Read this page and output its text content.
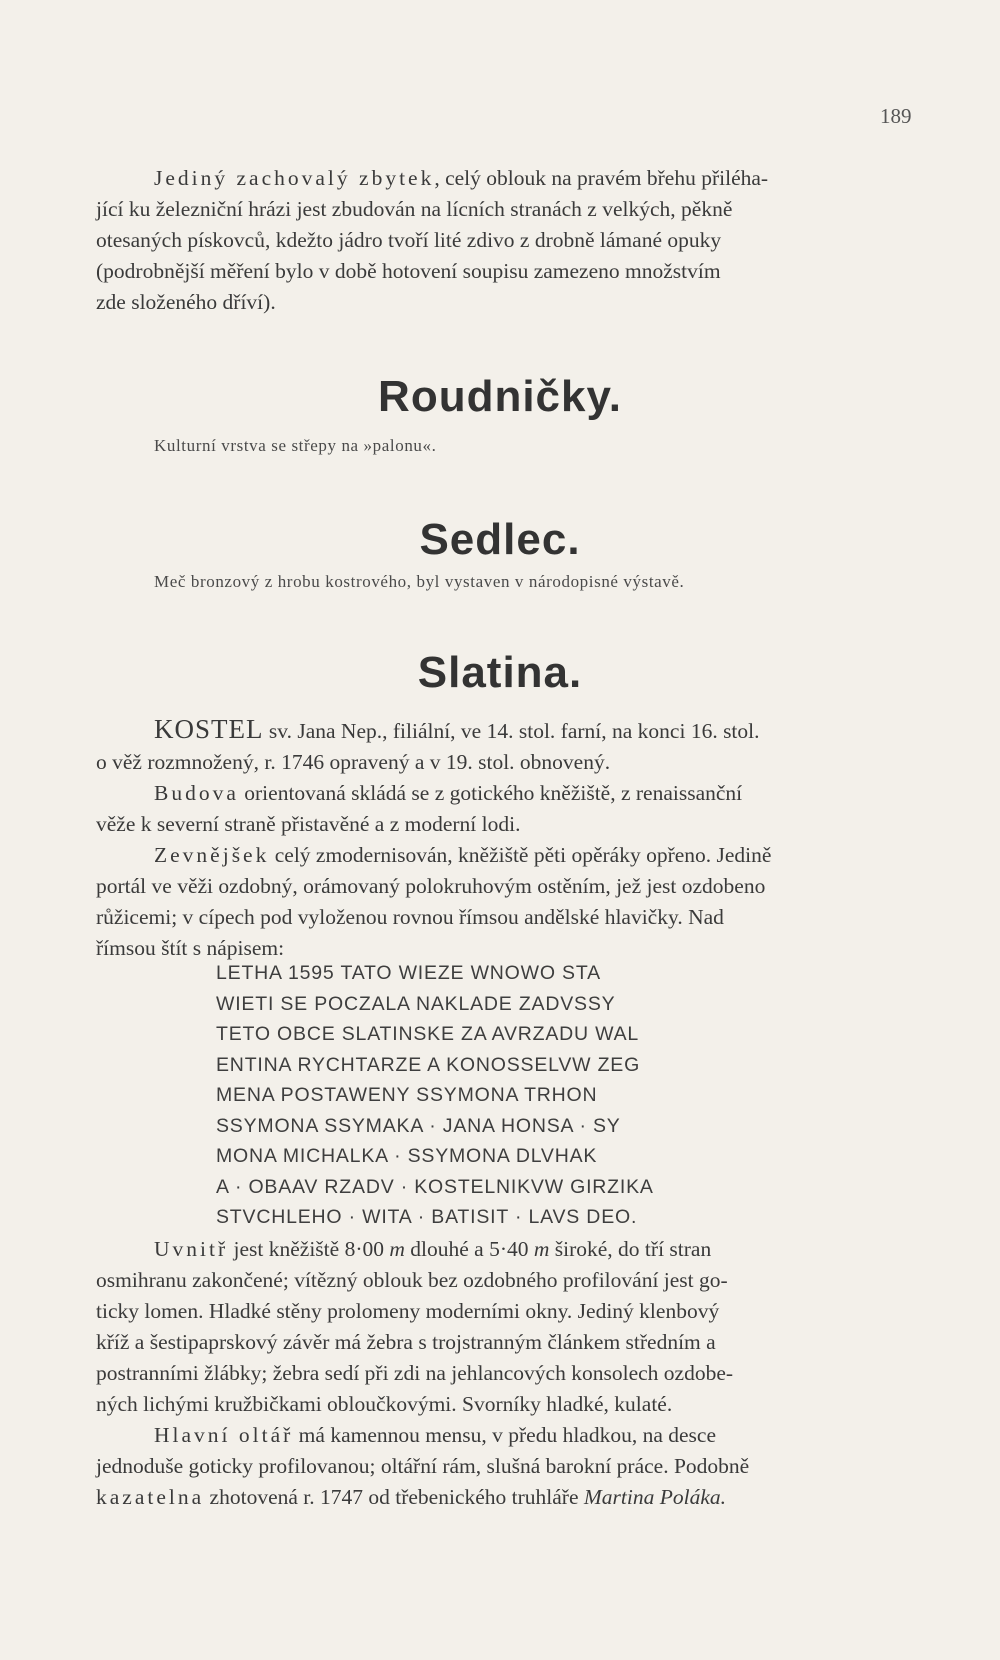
189
Jediný zachovalý zbytek, celý oblouk na pravém břehu přiléha-
jící ku železniční hrázi jest zbudován na lícních stranách z velkých, pěkně
otesaných pískovců, kdežto jádro tvoří lité zdivo z drobně lámané opuky
(podrobnější měření bylo v době hotovení soupisu zamezeno množstvím
zde složeného dříví).
Roudničky.

Kulturní vrstva se střepy na »palonu«.

Sedlec.

Meč bronzový z hrobu kostrového, byl vystaven v národopisné výstavě.

Slatina.
KOSTEL sv. Jana Nep., filiální, ve 14. stol. farní, na konci 16. stol.
o věž rozmnožený, r. 1746 opravený a v 19. stol. obnovený.
Budova orientovaná skládá se z gotického kněžiště, z renaissanční
věže k severní straně přistavěné a z moderní lodi.
Zevnějšek celý zmodernisován, kněžiště pěti opěráky opřeno. Jedině
portál ve věži ozdobný, orámovaný polokruhovým ostěním, jež jest ozdobeno
růžicemi; v cípech pod vyloženou rovnou římsou andělské hlavičky. Nad
římsou štít s nápisem:
LETHA 1595 TATO WIEZE WNOWO STA
WIETI SE POCZALA NAKLADE ZADVSSY
TETO OBCE SLATINSKE ZA AVRZADU WAL
ENTINA RYCHTARZE A KONOSSELVW ZEG
MENA POSTAWENY SSYMONA TRHON
SSYMONA SSYMAKA · JANA HONSA · SY
MONA MICHALKA · SSYMONA DLVHAK
A · OBAAV RZADV · KOSTELNIKVW GIRZIKA
STVCHLEHO · WITA · BATISIT · LAVS DEO.
Uvnitř jest kněžiště 8·00 m dlouhé a 5·40 m široké, do tří stran
osmihranu zakončené; vítězný oblouk bez ozdobného profilování jest go-
ticky lomen. Hladké stěny prolomeny moderními okny. Jediný klenbový
kříž a šestipaprskový závěr má žebra s trojstranným článkem středním a
postranními žlábky; žebra sedí při zdi na jehlancových konsolech ozdobe-
ných lichými kružbičkami obloučkovými. Svorníky hladké, kulaté.
Hlavní oltář má kamennou mensu, v předu hladkou, na desce
jednoduše goticky profilovanou; oltářní rám, slušná barokní práce. Podobně
kazatelna zhotovená r. 1747 od třebenického truhláře Martina Poláka.
